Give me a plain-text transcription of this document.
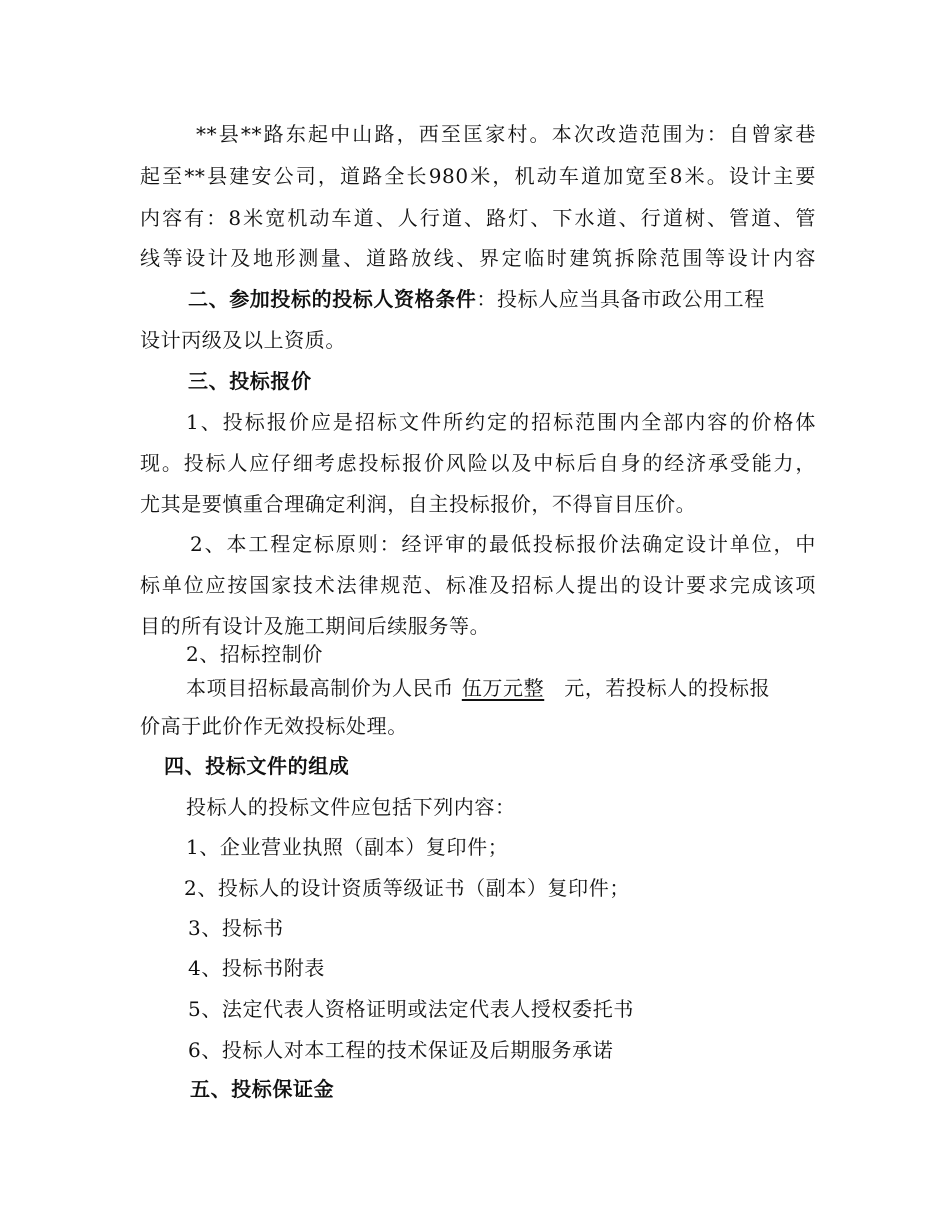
**县**路东起中山路，西至匡家村。本次改造范围为：自曾家巷
起至**县建安公司，道路全长980米，机动车道加宽至8米。设计主要
内容有：8米宽机动车道、人行道、路灯、下水道、行道树、管道、管
线等设计及地形测量、道路放线、界定临时建筑拆除范围等设计内容
二、参加投标的投标人资格条件：投标人应当具备市政公用工程
设计丙级及以上资质。
三、投标报价
1、投标报价应是招标文件所约定的招标范围内全部内容的价格体
现。投标人应仔细考虑投标报价风险以及中标后自身的经济承受能力，
尤其是要慎重合理确定利润，自主投标报价，不得盲目压价。
2、本工程定标原则：经评审的最低投标报价法确定设计单位，中
标单位应按国家技术法律规范、标准及招标人提出的设计要求完成该项
目的所有设计及施工期间后续服务等。
2、招标控制价
本项目招标最高制价为人民币 伍万元整 元，若投标人的投标报
价高于此价作无效投标处理。
四、投标文件的组成
投标人的投标文件应包括下列内容：
1、企业营业执照（副本）复印件；
2、投标人的设计资质等级证书（副本）复印件；
3、投标书
4、投标书附表
5、法定代表人资格证明或法定代表人授权委托书
6、投标人对本工程的技术保证及后期服务承诺
五、投标保证金
